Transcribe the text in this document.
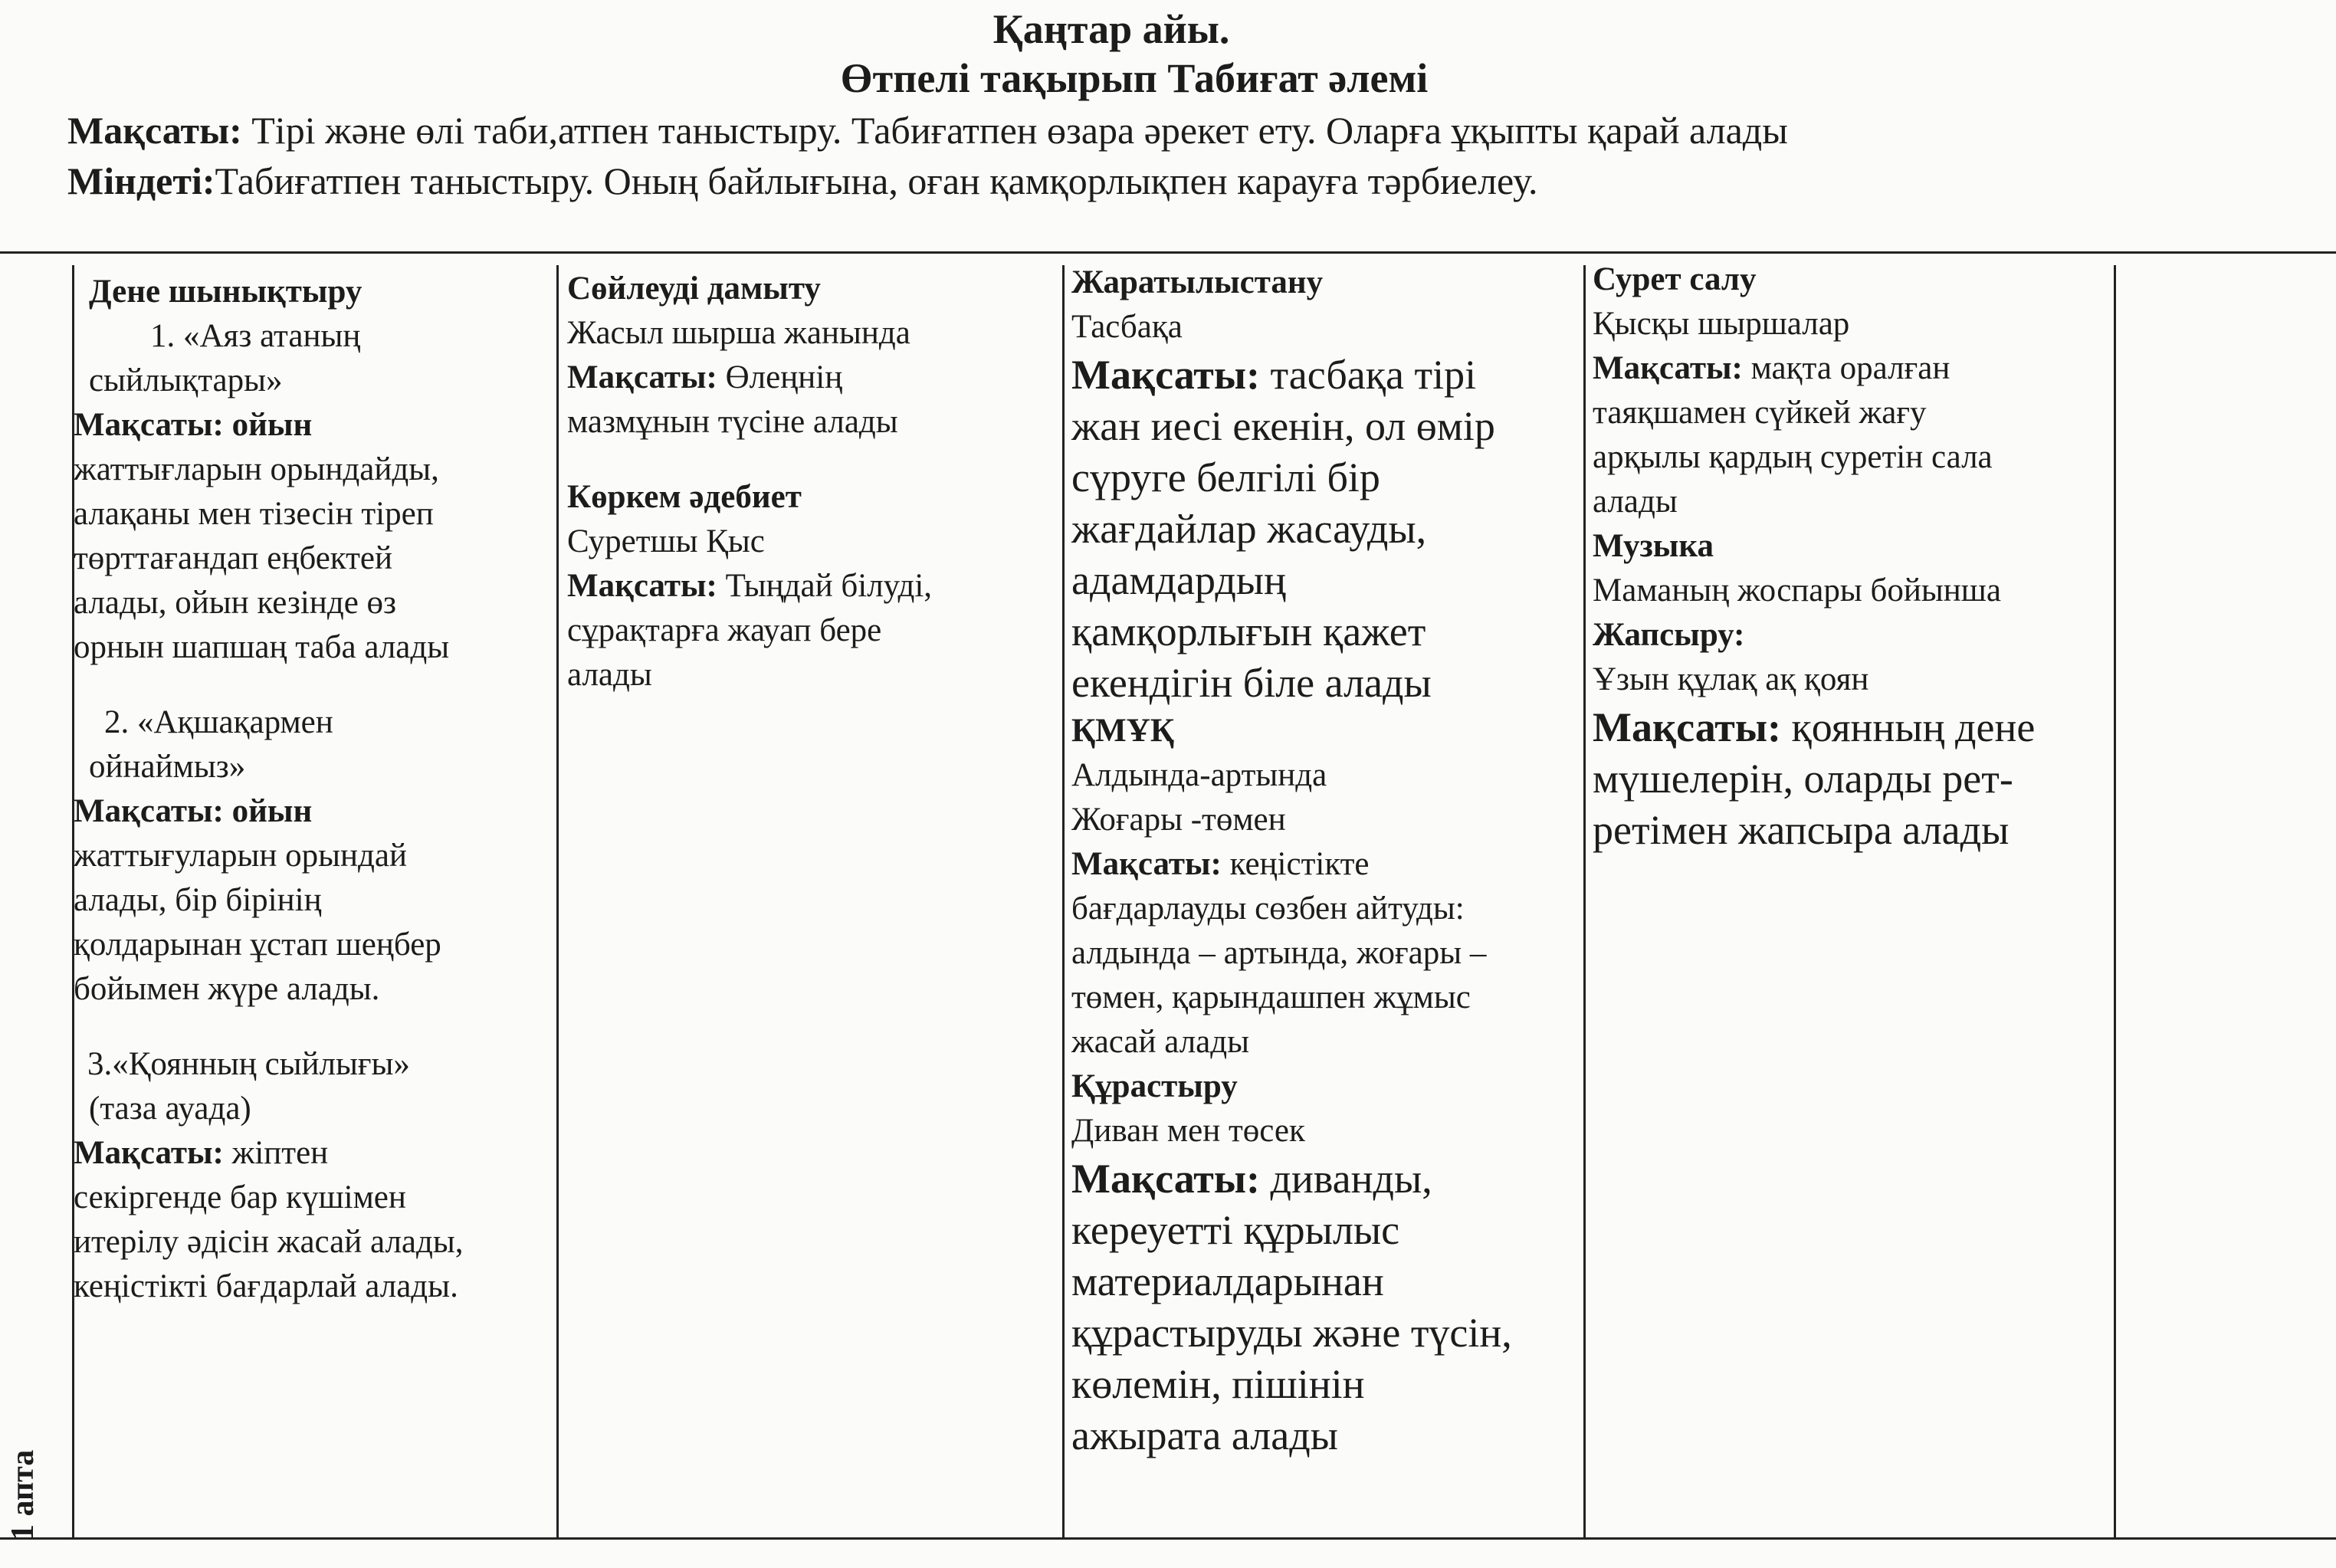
Қаңтар айы.
Өтпелі тақырып Табиғат әлемі
Мақсаты: Тірі және өлі таби,атпен таныстыру. Табиғатпен өзара әрекет ету. Оларға ұқыпты қарай алады
Міндеті:Табиғатпен таныстыру. Оның байлығына, оған қамқорлықпен карауға тәрбиелеу.
1 апта
Дене шынықтыру
1. «Аяз атаның
сыйлықтары»
Мақсаты: ойын
жаттығларын орындайды,
алақаны мен тізесін тіреп
төрттағандап еңбектей
алады, ойын кезінде өз
орнын шапшаң таба алады
2. «Ақшақармен
ойнаймыз»
Мақсаты: ойын
жаттығуларын орындай
алады, бір бірінің
қолдарынан ұстап шеңбер
бойымен жүре алады.
3.«Қоянның сыйлығы»
(таза ауада)
Мақсаты: жіптен
секіргенде бар күшімен
итерілу әдісін жасай алады,
кеңістікті бағдарлай алады.
Сөйлеуді дамыту
Жасыл шырша жанында
Мақсаты: Өлеңнің
мазмұнын түсіне алады
Көркем әдебиет
Суретшы Қыс
Мақсаты: Тыңдай білуді,
сұрақтарға жауап бере
алады
Жаратылыстану
Тасбақа
Мақсаты: тасбақа тірі
жан иесі екенін, ол өмір
сүруге белгілі бір
жағдайлар жасауды,
адамдардың
қамқорлығын қажет
екендігін біле алады
ҚМҰҚ
Алдында-артында
Жоғары -төмен
Мақсаты: кеңістікте
бағдарлауды сөзбен айтуды:
алдында – артында, жоғары –
төмен, қарындашпен жұмыс
жасай алады
Құрастыру
Диван мен төсек
Мақсаты: диванды,
кереуетті құрылыс
материалдарынан
құрастыруды және түсін,
көлемін, пішінін
ажырата алады
Сурет салу
Қысқы шыршалар
Мақсаты: мақта оралған
таяқшамен сүйкей жағу
арқылы қардың суретін сала
алады
Музыка
Маманың жоспары бойынша
Жапсыру:
Ұзын құлақ ақ қоян
Мақсаты: қоянның дене
мүшелерін, оларды рет-
ретімен жапсыра алады
